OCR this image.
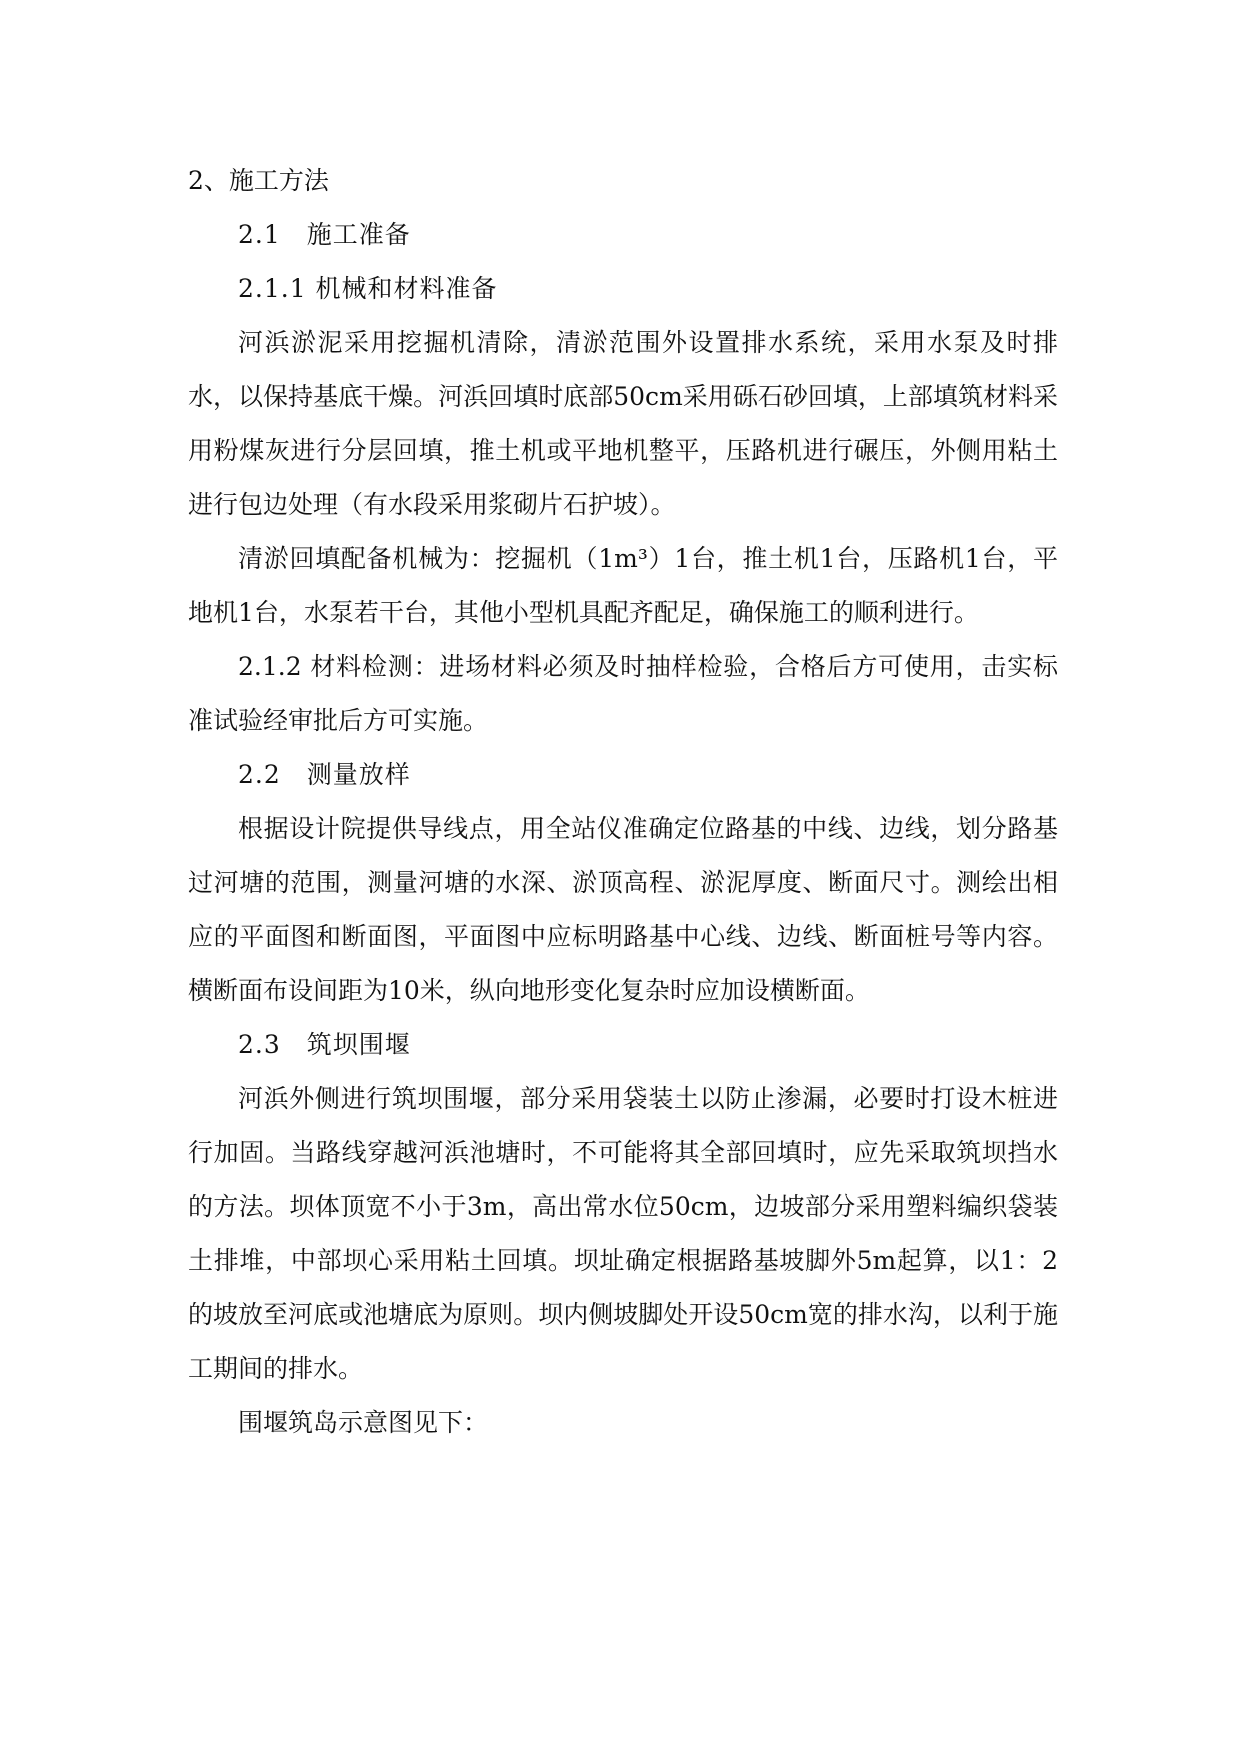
2、施工方法

2.1　施工准备

2.1.1 机械和材料准备

河浜淤泥采用挖掘机清除，清淤范围外设置排水系统，采用水泵及时排水，以保持基底干燥。河浜回填时底部50cm采用砾石砂回填，上部填筑材料采用粉煤灰进行分层回填，推土机或平地机整平，压路机进行碾压，外侧用粘土进行包边处理（有水段采用浆砌片石护坡）。

清淤回填配备机械为：挖掘机（1m³）1台，推土机1台，压路机1台，平地机1台，水泵若干台，其他小型机具配齐配足，确保施工的顺利进行。

2.1.2 材料检测：进场材料必须及时抽样检验，合格后方可使用，击实标准试验经审批后方可实施。

2.2　测量放样

根据设计院提供导线点，用全站仪准确定位路基的中线、边线，划分路基过河塘的范围，测量河塘的水深、淤顶高程、淤泥厚度、断面尺寸。测绘出相应的平面图和断面图，平面图中应标明路基中心线、边线、断面桩号等内容。横断面布设间距为10米，纵向地形变化复杂时应加设横断面。

2.3　筑坝围堰

河浜外侧进行筑坝围堰，部分采用袋装土以防止渗漏，必要时打设木桩进行加固。当路线穿越河浜池塘时，不可能将其全部回填时，应先采取筑坝挡水的方法。坝体顶宽不小于3m，高出常水位50cm，边坡部分采用塑料编织袋装土排堆，中部坝心采用粘土回填。坝址确定根据路基坡脚外5m起算，以1：2的坡放至河底或池塘底为原则。坝内侧坡脚处开设50cm宽的排水沟，以利于施工期间的排水。

围堰筑岛示意图见下：
